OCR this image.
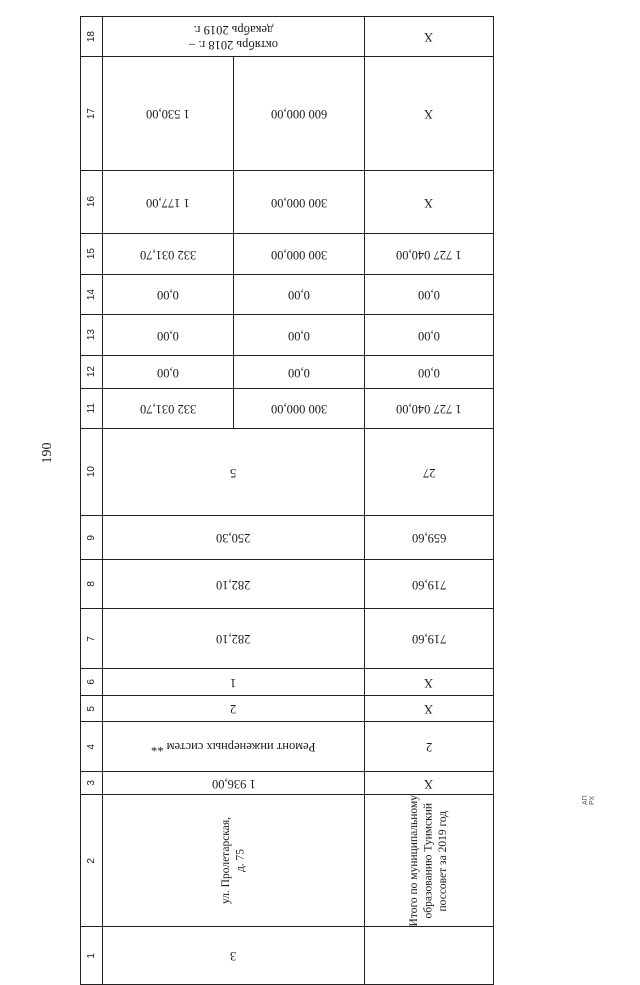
190
АП РХ
18	октябрь 2018 г. –
декабрь 2019 г.		Х

17	1 530,00	600 000,00	Х

16	1 177,00	300 000,00	Х

15	332 031,70	300 000,00	1 727 040,00

14	0,00	0,00	0,00

13	0,00	0,00	0,00

12	0,00	0,00	0,00

11	332 031,70	300 000,00	1 727 040,00

10	5		27

9	250,30		659,60

8	282,10		719,60

7	282,10		719,60

6	1		Х

5	2		Х

4	Ремонт инженерных систем **		2

3	1 936,00		Х

2	ул. Пролетарская,
д. 75		Итого по муниципальному
образованию Туимский
поссовет за 2019 год

1	3		
